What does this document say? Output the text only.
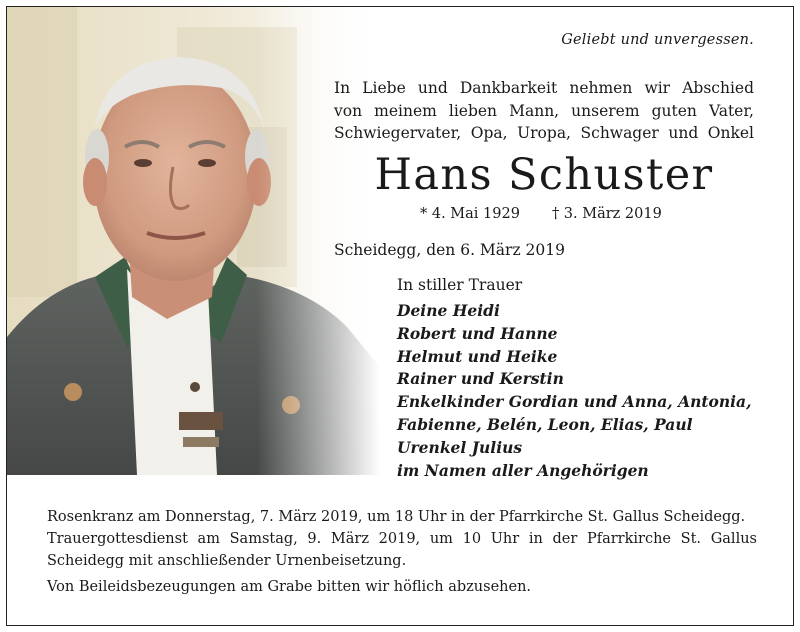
Geliebt und unvergessen.
In Liebe und Dankbarkeit nehmen wir Abschied
von meinem lieben Mann, unserem guten Vater,
Schwiegervater, Opa, Uropa, Schwager und Onkel
Hans Schuster
* 4. Mai 1929 † 3. März 2019
Scheidegg, den 6. März 2019
In stiller Trauer
Deine Heidi
Robert und Hanne
Helmut und Heike
Rainer und Kerstin
Enkelkinder Gordian und Anna, Antonia,
Fabienne, Belén, Leon, Elias, Paul
Urenkel Julius
im Namen aller Angehörigen

Rosenkranz am Donnerstag, 7. März 2019, um 18 Uhr in der Pfarrkirche St. Gallus Scheidegg.

Trauergottesdienst am Samstag, 9. März 2019, um 10 Uhr in der Pfarrkirche St. Gallus Scheidegg mit anschließender Urnenbeisetzung.

Von Beileidsbezeugungen am Grabe bitten wir höflich abzusehen.
